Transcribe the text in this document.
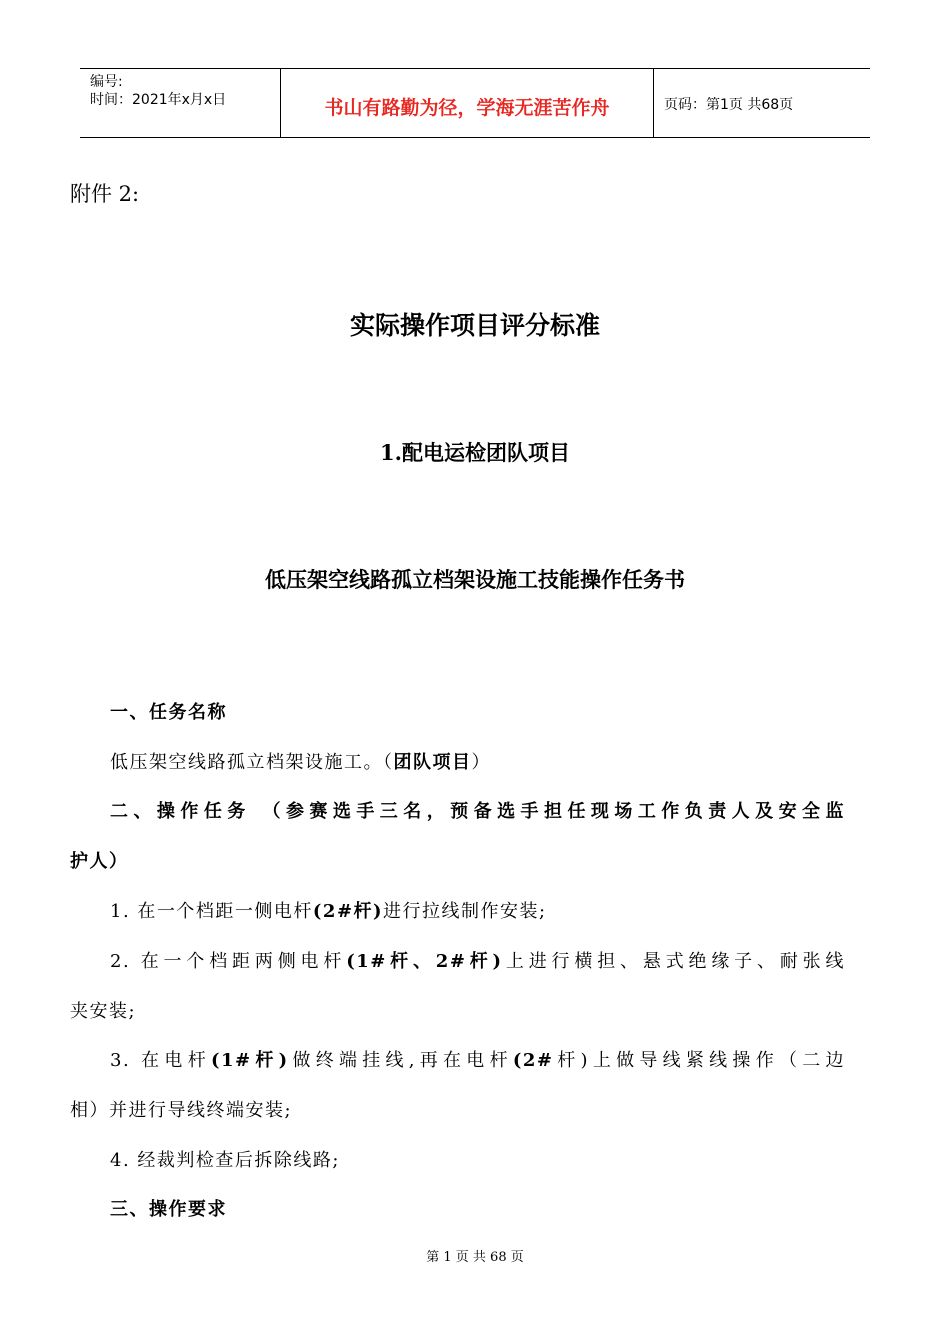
编号:
时间：2021年x月x日	书山有路勤为径，学海无涯苦作舟	页码：第1页 共68页
附件 2:
实际操作项目评分标准
1.配电运检团队项目
低压架空线路孤立档架设施工技能操作任务书
一、任务名称
低压架空线路孤立档架设施工。（团队项目）
二、操作任务 （参赛选手三名，预备选手担任现场工作负责人及安全监
护人）
1. 在一个档距一侧电杆(2#杆)进行拉线制作安装;
2. 在一个档距两侧电杆(1#杆、2#杆)上进行横担、悬式绝缘子、耐张线
夹安装;
3. 在电杆(1#杆)做终端挂线,再在电杆(2#杆)上做导线紧线操作（二边
相）并进行导线终端安装;
4. 经裁判检查后拆除线路;
三、操作要求
第 1 页 共 68 页
